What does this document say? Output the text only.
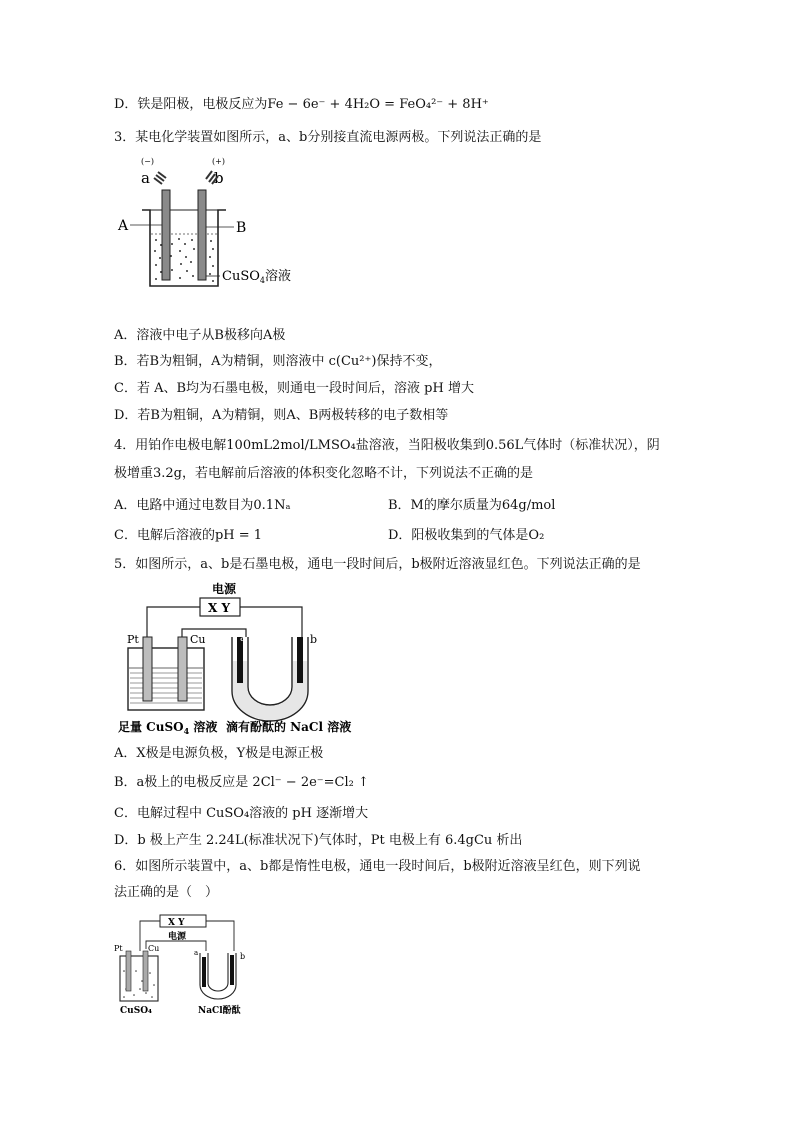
D．铁是阳极，电极反应为Fe − 6e⁻ + 4H₂O = FeO₄²⁻ + 8H⁺
3．某电化学装置如图所示，a、b分别接直流电源两极。下列说法正确的是
(−)	(+)
a	b
A	B
CuSO$_4$溶液
A．溶液中电子从B极移向A极
B．若B为粗铜，A为精铜，则溶液中 c(Cu²⁺)保持不变，
C．若 A、B均为石墨电极，则通电一段时间后，溶液 pH 增大
D．若B为粗铜，A为精铜，则A、B两极转移的电子数相等
4．用铂作电极电解100mL2mol/LMSO₄盐溶液，当阳极收集到0.56L气体时（标准状况），阴
极增重3.2g，若电解前后溶液的体积变化忽略不计，下列说法不正确的是
A．电路中通过电数目为0.1Nₐ	B．M的摩尔质量为64g/mol
C．电解后溶液的pH = 1	D．阳极收集到的气体是O₂
5．如图所示，a、b是石墨电极，通电一段时间后，b极附近溶液显红色。下列说法正确的是
电源
X Y
Pt	Cu	a	b
足量 CuSO$_4$ 溶液 滴有酚酞的 NaCl 溶液
A．X极是电源负极，Y极是电源正极
B．a极上的电极反应是 2Cl⁻ − 2e⁻=Cl₂ ↑
C．电解过程中 CuSO₄溶液的 pH 逐渐增大
D．b 极上产生 2.24L(标准状况下)气体时，Pt 电极上有 6.4gCu 析出
6．如图所示装置中，a、b都是惰性电极，通电一段时间后，b极附近溶液呈红色，则下列说
法正确的是（　）
X Y
电源
Pt	Cu	a	b
CuSO₄	NaCl酚酞
